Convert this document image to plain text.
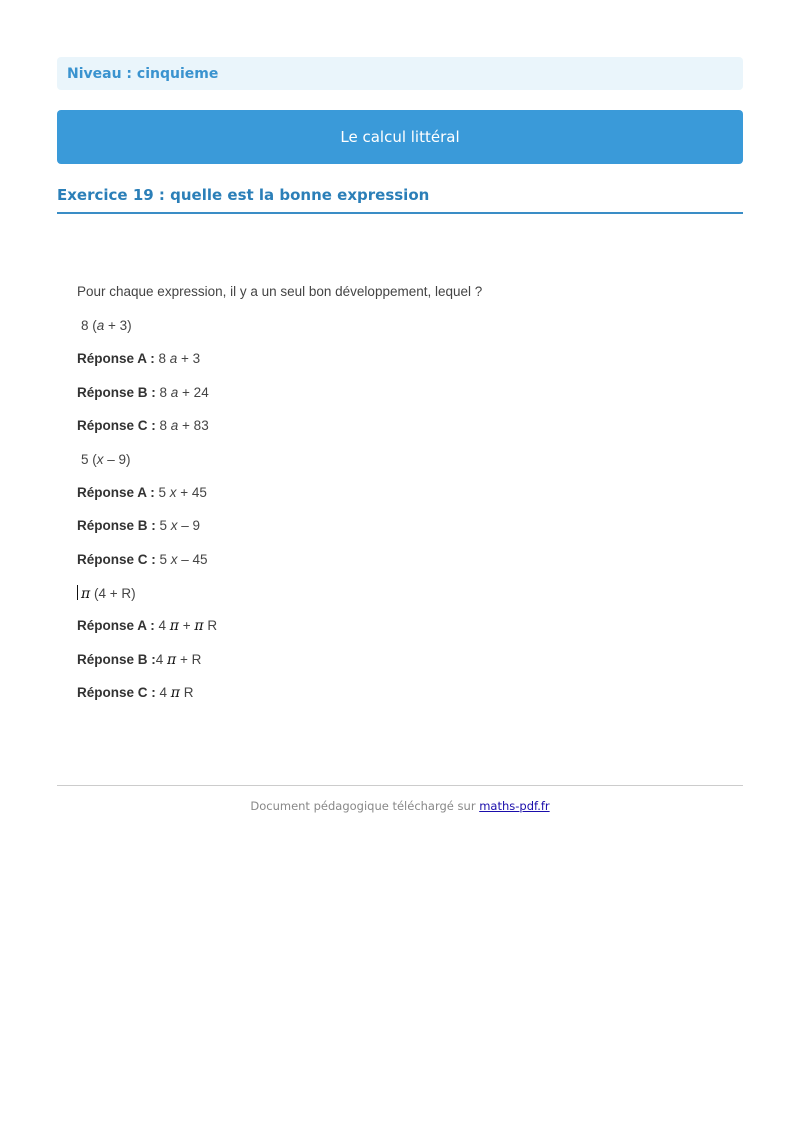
Niveau : cinquieme
Le calcul littéral
Exercice 19 : quelle est la bonne expression
Pour chaque expression, il y a un seul bon développement, lequel ?
8 (a + 3)
Réponse A : 8 a + 3
Réponse B : 8 a + 24
Réponse C : 8 a + 83
5 (x – 9)
Réponse A : 5 x + 45
Réponse B : 5 x – 9
Réponse C : 5 x – 45
π (4 + R)
Réponse A : 4 π + π R
Réponse B :4 π + R
Réponse C : 4 π R
Document pédagogique téléchargé sur maths-pdf.fr
